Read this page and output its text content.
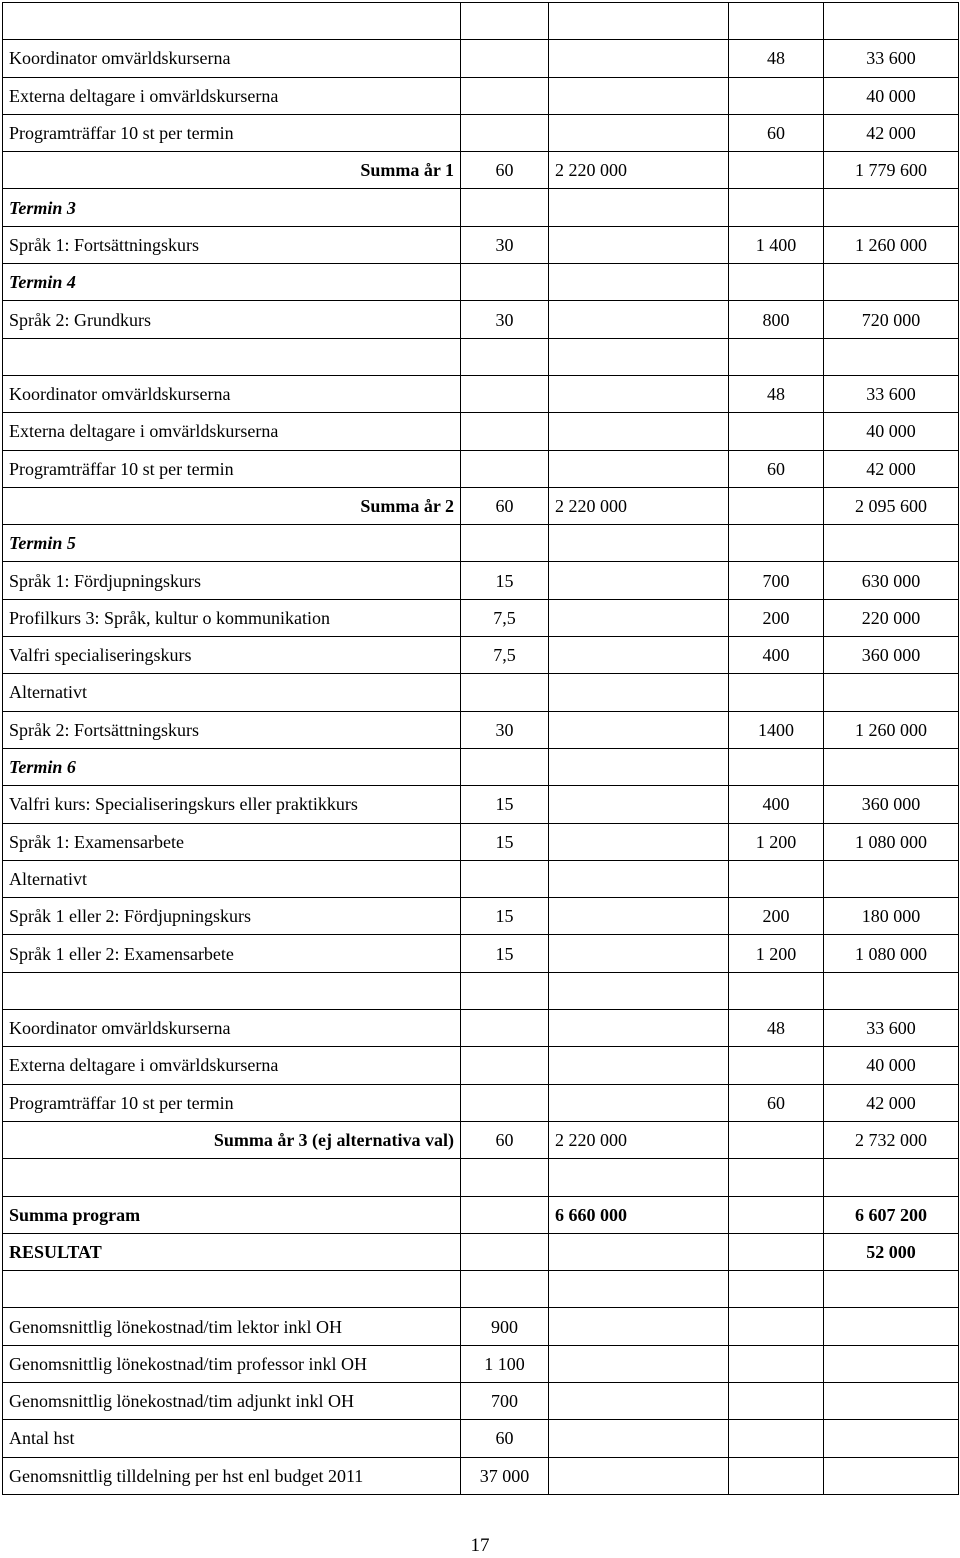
Koordinator omvärldskurserna			48	33 600
Externa deltagare i omvärldskurserna				40 000
Programträffar 10 st per termin			60	42 000
Summa år 1	60	2 220 000		1 779 600
Termin 3				
Språk 1: Fortsättningskurs	30		1 400	1 260 000
Termin 4				
Språk 2: Grundkurs	30		800	720 000

Koordinator omvärldskurserna			48	33 600
Externa deltagare i omvärldskurserna				40 000
Programträffar 10 st per termin			60	42 000
Summa år 2	60	2 220 000		2 095 600
Termin 5				
Språk 1: Fördjupningskurs	15		700	630 000
Profilkurs 3: Språk, kultur o kommunikation	7,5		200	220 000
Valfri specialiseringskurs	7,5		400	360 000
Alternativt				
Språk 2: Fortsättningskurs	30		1400	1 260 000
Termin 6				
Valfri kurs: Specialiseringskurs eller praktikkurs	15		400	360 000
Språk 1: Examensarbete	15		1 200	1 080 000
Alternativt				
Språk 1 eller 2: Fördjupningskurs	15		200	180 000
Språk 1 eller 2: Examensarbete	15		1 200	1 080 000

Koordinator omvärldskurserna			48	33 600
Externa deltagare i omvärldskurserna				40 000
Programträffar 10 st per termin			60	42 000
Summa år 3 (ej alternativa val)	60	2 220 000		2 732 000

Summa program		6 660 000		6 607 200
RESULTAT				52 000

Genomsnittlig lönekostnad/tim lektor inkl OH	900			
Genomsnittlig lönekostnad/tim professor inkl OH	1 100			
Genomsnittlig lönekostnad/tim adjunkt inkl OH	700			
Antal hst	60			
Genomsnittlig tilldelning per hst enl budget 2011	37 000			
17
